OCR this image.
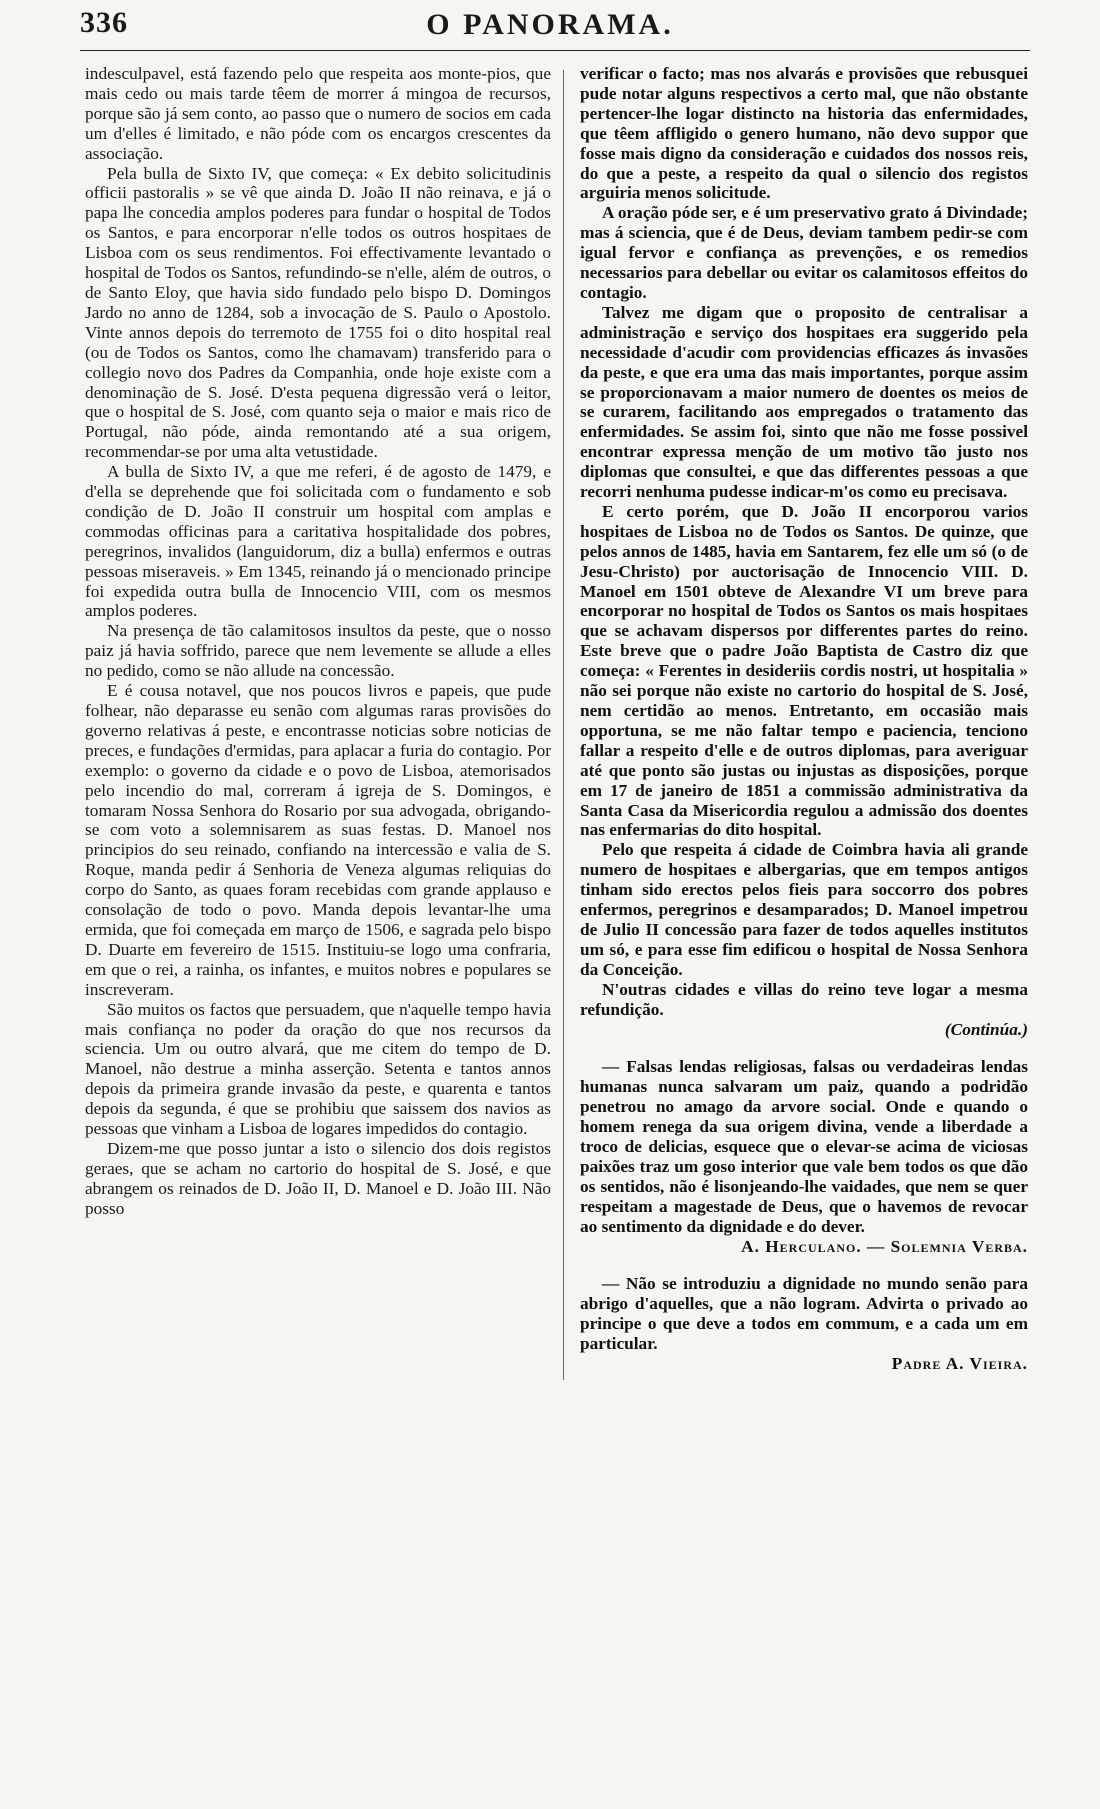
336	O PANORAMA.

indesculpavel, está fazendo pelo que respeita aos monte-pios, que mais cedo ou mais tarde têem de morrer á mingoa de recursos, porque são já sem conto, ao passo que o numero de socios em cada um d'elles é limitado, e não póde com os encargos crescentes da associação.

Pela bulla de Sixto IV, que começa: « Ex debito solicitudinis officii pastoralis » se vê que ainda D. João II não reinava, e já o papa lhe concedia amplos poderes para fundar o hospital de Todos os Santos, e para encorporar n'elle todos os outros hospitaes de Lisboa com os seus rendimentos. Foi effectivamente levantado o hospital de Todos os Santos, refundindo-se n'elle, além de outros, o de Santo Eloy, que havia sido fundado pelo bispo D. Domingos Jardo no anno de 1284, sob a invocação de S. Paulo o Apostolo. Vinte annos depois do terremoto de 1755 foi o dito hospital real (ou de Todos os Santos, como lhe chamavam) transferido para o collegio novo dos Padres da Companhia, onde hoje existe com a denominação de S. José. D'esta pequena digressão verá o leitor, que o hospital de S. José, com quanto seja o maior e mais rico de Portugal, não póde, ainda remontando até a sua origem, recommendar-se por uma alta vetustidade.

A bulla de Sixto IV, a que me referi, é de agosto de 1479, e d'ella se deprehende que foi solicitada com o fundamento e sob condição de D. João II construir um hospital com amplas e commodas officinas para a caritativa hospitalidade dos pobres, peregrinos, invalidos (languidorum, diz a bulla) enfermos e outras pessoas miseraveis. » Em 1345, reinando já o mencionado principe foi expedida outra bulla de Innocencio VIII, com os mesmos amplos poderes.

Na presença de tão calamitosos insultos da peste, que o nosso paiz já havia soffrido, parece que nem levemente se allude a elles no pedido, como se não allude na concessão.

E é cousa notavel, que nos poucos livros e papeis, que pude folhear, não deparasse eu senão com algumas raras provisões do governo relativas á peste, e encontrasse noticias sobre noticias de preces, e fundações d'ermidas, para aplacar a furia do contagio. Por exemplo: o governo da cidade e o povo de Lisboa, atemorisados pelo incendio do mal, correram á igreja de S. Domingos, e tomaram Nossa Senhora do Rosario por sua advogada, obrigando-se com voto a solemnisarem as suas festas. D. Manoel nos principios do seu reinado, confiando na intercessão e valia de S. Roque, manda pedir á Senhoria de Veneza algumas reliquias do corpo do Santo, as quaes foram recebidas com grande applauso e consolação de todo o povo. Manda depois levantar-lhe uma ermida, que foi começada em março de 1506, e sagrada pelo bispo D. Duarte em fevereiro de 1515. Instituiu-se logo uma confraria, em que o rei, a rainha, os infantes, e muitos nobres e populares se inscreveram.

São muitos os factos que persuadem, que n'aquelle tempo havia mais confiança no poder da oração do que nos recursos da sciencia. Um ou outro alvará, que me citem do tempo de D. Manoel, não destrue a minha asserção. Setenta e tantos annos depois da primeira grande invasão da peste, e quarenta e tantos depois da segunda, é que se prohibiu que saissem dos navios as pessoas que vinham a Lisboa de logares impedidos do contagio.

Dizem-me que posso juntar a isto o silencio dos dois registos geraes, que se acham no cartorio do hospital de S. José, e que abrangem os reinados de D. João II, D. Manoel e D. João III. Não posso

verificar o facto; mas nos alvarás e provisões que rebusquei pude notar alguns respectivos a certo mal, que não obstante pertencer-lhe logar distincto na historia das enfermidades, que têem affligido o genero humano, não devo suppor que fosse mais digno da consideração e cuidados dos nossos reis, do que a peste, a respeito da qual o silencio dos registos arguiria menos solicitude.

A oração póde ser, e é um preservativo grato á Divindade; mas á sciencia, que é de Deus, deviam tambem pedir-se com igual fervor e confiança as prevenções, e os remedios necessarios para debellar ou evitar os calamitosos effeitos do contagio.

Talvez me digam que o proposito de centralisar a administração e serviço dos hospitaes era suggerido pela necessidade d'acudir com providencias efficazes ás invasões da peste, e que era uma das mais importantes, porque assim se proporcionavam a maior numero de doentes os meios de se curarem, facilitando aos empregados o tratamento das enfermidades. Se assim foi, sinto que não me fosse possivel encontrar expressa menção de um motivo tão justo nos diplomas que consultei, e que das differentes pessoas a que recorri nenhuma pudesse indicar-m'os como eu precisava.

E certo porém, que D. João II encorporou varios hospitaes de Lisboa no de Todos os Santos. De quinze, que pelos annos de 1485, havia em Santarem, fez elle um só (o de Jesu-Christo) por auctorisação de Innocencio VIII. D. Manoel em 1501 obteve de Alexandre VI um breve para encorporar no hospital de Todos os Santos os mais hospitaes que se achavam dispersos por differentes partes do reino. Este breve que o padre João Baptista de Castro diz que começa: « Ferentes in desideriis cordis nostri, ut hospitalia » não sei porque não existe no cartorio do hospital de S. José, nem certidão ao menos. Entretanto, em occasião mais opportuna, se me não faltar tempo e paciencia, tenciono fallar a respeito d'elle e de outros diplomas, para averiguar até que ponto são justas ou injustas as disposições, porque em 17 de janeiro de 1851 a commissão administrativa da Santa Casa da Misericordia regulou a admissão dos doentes nas enfermarias do dito hospital.

Pelo que respeita á cidade de Coimbra havia ali grande numero de hospitaes e albergarias, que em tempos antigos tinham sido erectos pelos fieis para soccorro dos pobres enfermos, peregrinos e desamparados; D. Manoel impetrou de Julio II concessão para fazer de todos aquelles institutos um só, e para esse fim edificou o hospital de Nossa Senhora da Conceição.

N'outras cidades e villas do reino teve logar a mesma refundição.

(Continúa.)

— Falsas lendas religiosas, falsas ou verdadeiras lendas humanas nunca salvaram um paiz, quando a podridão penetrou no amago da arvore social. Onde e quando o homem renega da sua origem divina, vende a liberdade a troco de delicias, esquece que o elevar-se acima de viciosas paixões traz um goso interior que vale bem todos os que dão os sentidos, não é lisonjeando-lhe vaidades, que nem se quer respeitam a magestade de Deus, que o havemos de revocar ao sentimento da dignidade e do dever.

A. Herculano. — Solemnia Verba.

— Não se introduziu a dignidade no mundo senão para abrigo d'aquelles, que a não logram. Advirta o privado ao principe o que deve a todos em commum, e a cada um em particular.

Padre A. Vieira.
